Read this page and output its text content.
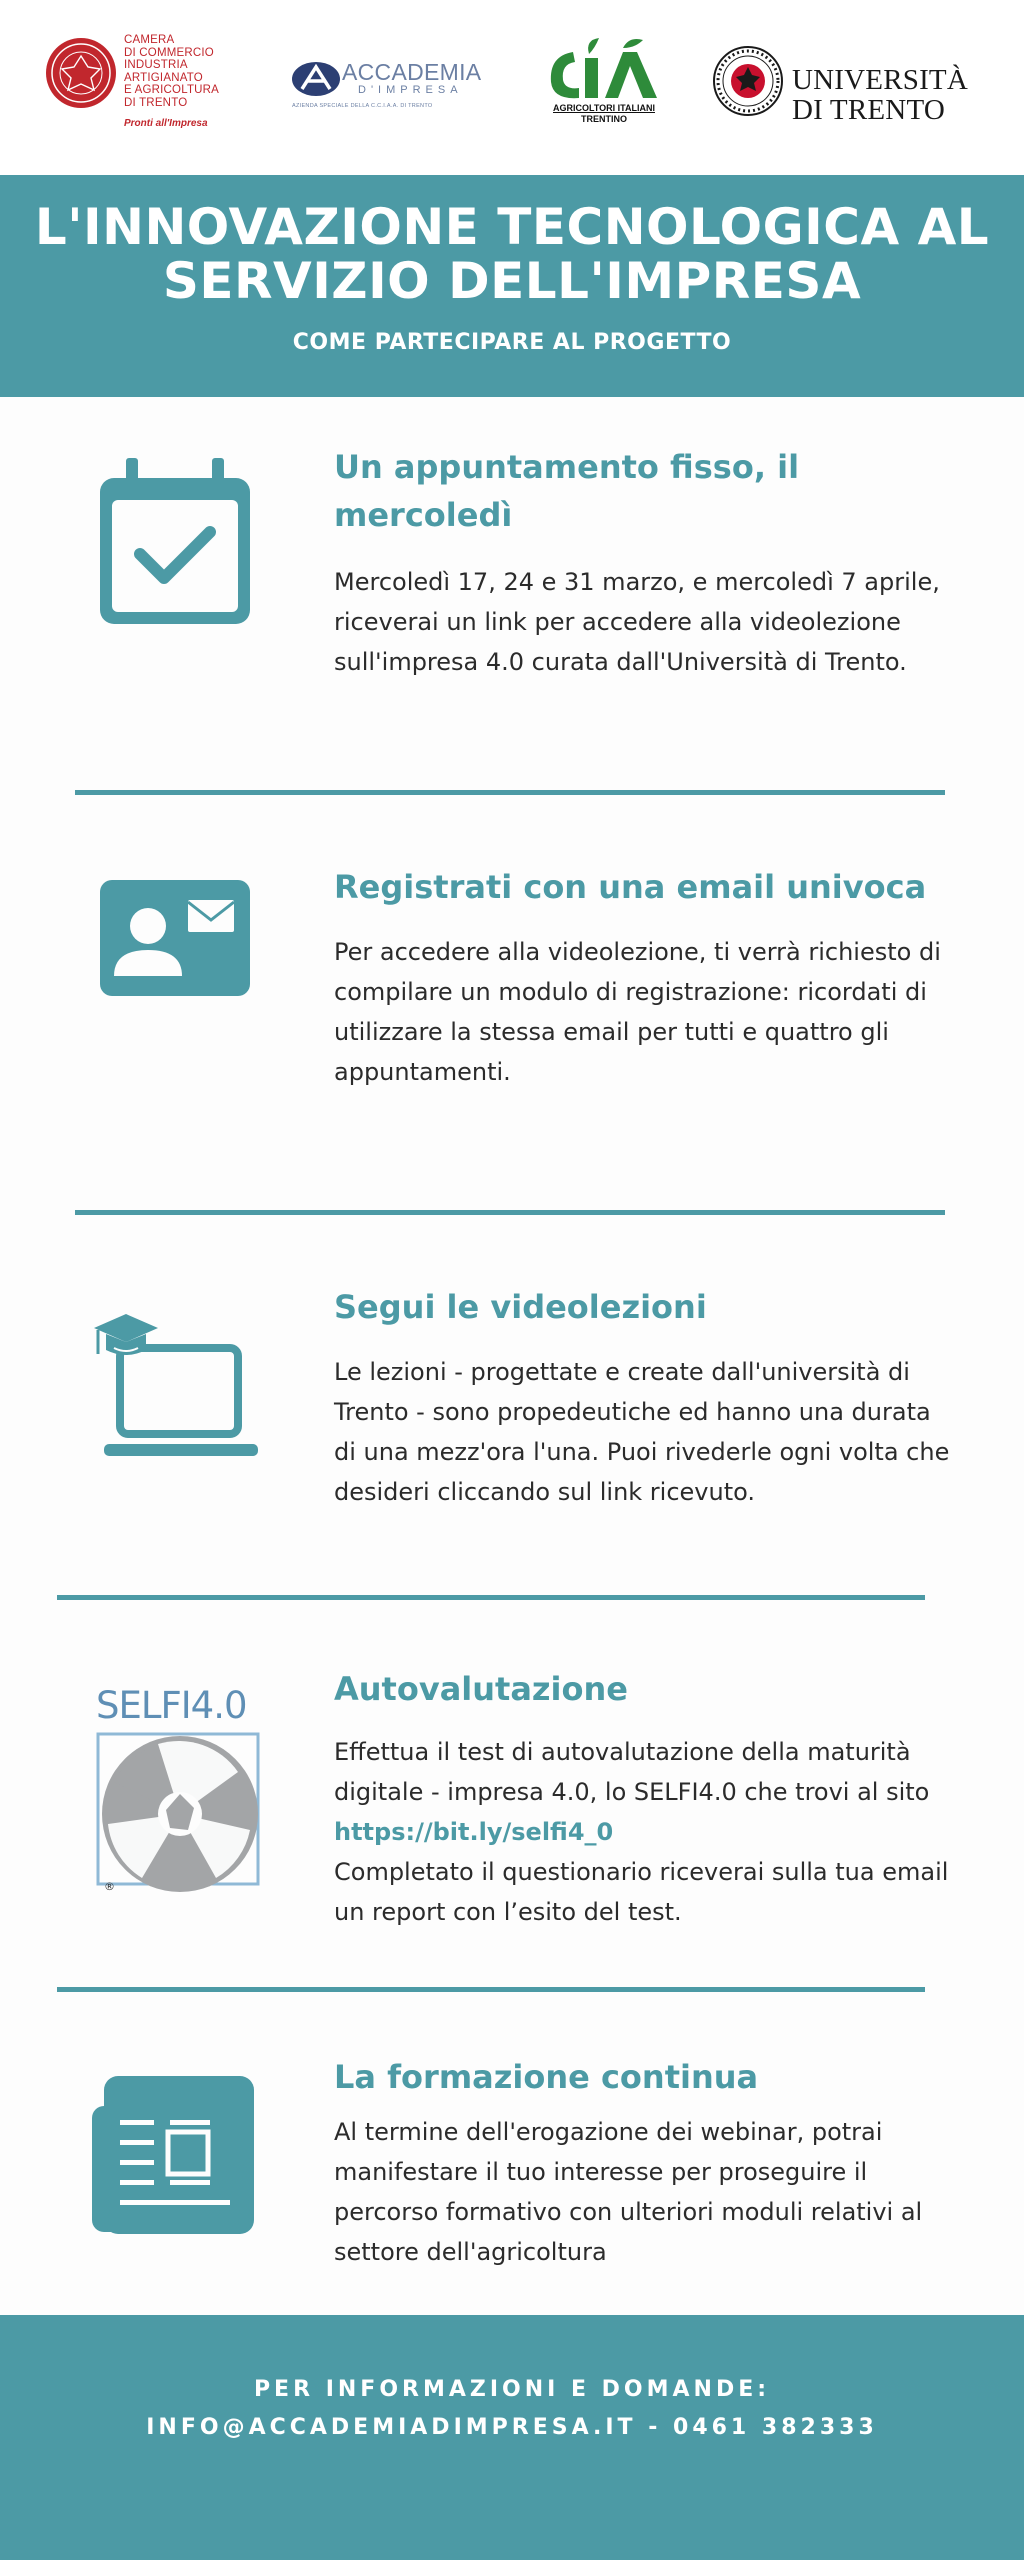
CAMERA
DI COMMERCIO
INDUSTRIA
ARTIGIANATO
E AGRICOLTURA
DI TRENTO
Pronti all'Impresa
ACCADEMIA
D'IMPRESA
AZIENDA SPECIALE DELLA C.C.I.A.A. DI TRENTO	AGRICOLTORI ITALIANI
TRENTINO
UNIVERSITÀ
DI TRENTO
L'INNOVAZIONE TECNOLOGICA AL
SERVIZIO DELL'IMPRESA
COME PARTECIPARE AL PROGETTO
Un appuntamento fisso, il mercoledì
Mercoledì 17, 24 e 31 marzo, e mercoledì 7 aprile, riceverai un link per accedere alla videolezione sull'impresa 4.0 curata dall'Università di Trento.
Registrati con una email univoca
Per accedere alla videolezione, ti verrà richiesto di compilare un modulo di registrazione: ricordati di utilizzare la stessa email per tutti e quattro gli appuntamenti.
Segui le videolezioni
Le lezioni - progettate e create dall'università di Trento - sono propedeutiche ed hanno una durata di una mezz'ora l'una. Puoi rivederle ogni volta che desideri cliccando sul link ricevuto.
SELFI4.0
®
Autovalutazione
Effettua il test di autovalutazione della maturità digitale - impresa 4.0, lo SELFI4.0 che trovi al sito https://bit.ly/selfi4_0
Completato il questionario riceverai sulla tua email un report con l’esito del test.
La formazione continua
Al termine dell'erogazione dei webinar, potrai manifestare il tuo interesse per proseguire il percorso formativo con ulteriori moduli relativi al settore dell'agricoltura
PER INFORMAZIONI E DOMANDE:
INFO@ACCADEMIADIMPRESA.IT - 0461 382333
